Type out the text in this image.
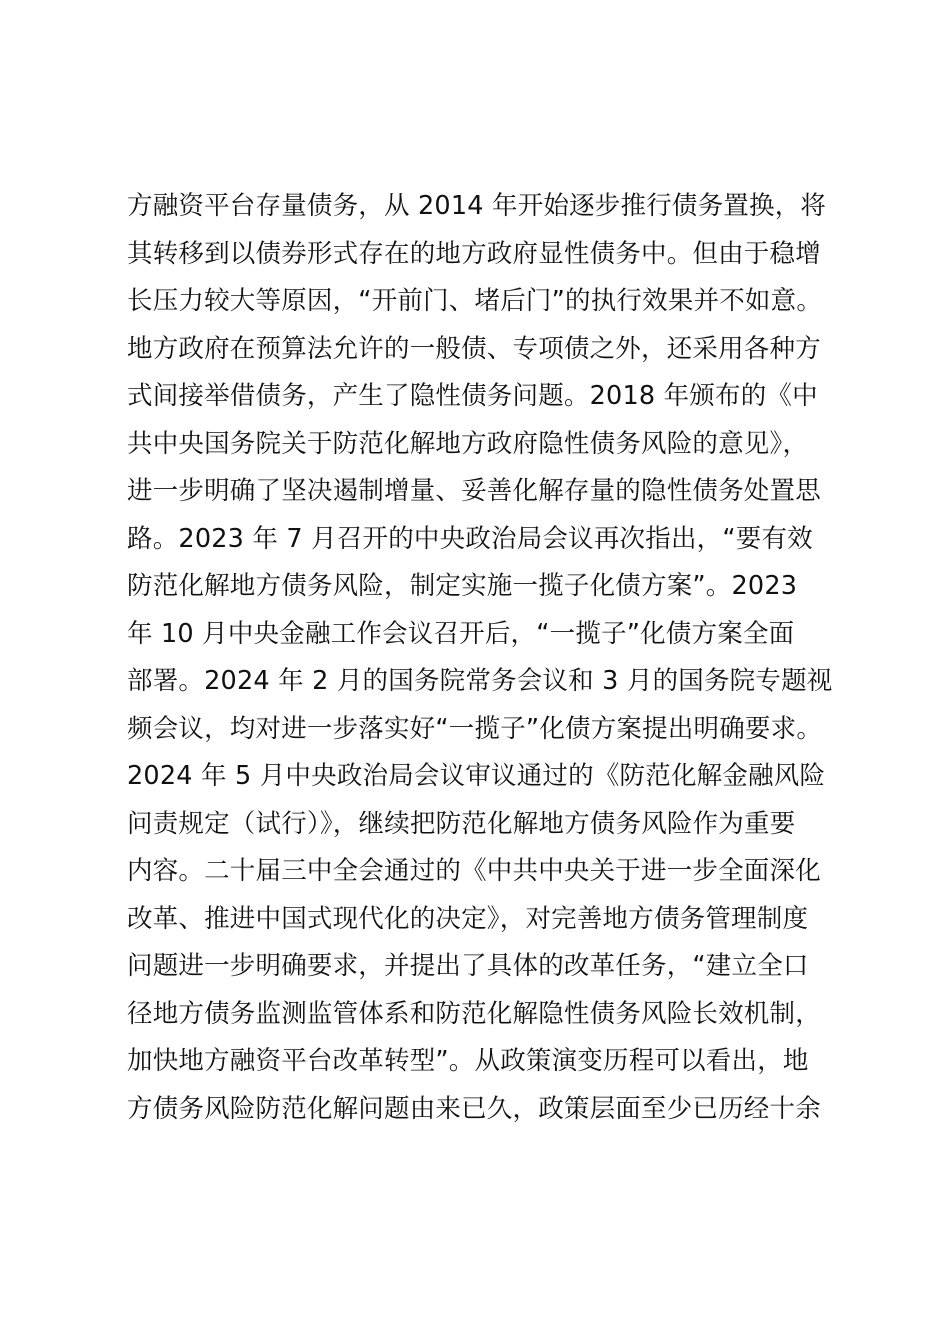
方融资平台存量债务，从 2014 年开始逐步推行债务置换，将
其转移到以债券形式存在的地方政府显性债务中。但由于稳增
长压力较大等原因，“开前门、堵后门”的执行效果并不如意。
地方政府在预算法允许的一般债、专项债之外，还采用各种方
式间接举借债务，产生了隐性债务问题。2018 年颁布的《中
共中央国务院关于防范化解地方政府隐性债务风险的意见》，
进一步明确了坚决遏制增量、妥善化解存量的隐性债务处置思
路。2023 年 7 月召开的中央政治局会议再次指出，“要有效
防范化解地方债务风险，制定实施一揽子化债方案”。2023
年 10 月中央金融工作会议召开后，“一揽子”化债方案全面
部署。2024 年 2 月的国务院常务会议和 3 月的国务院专题视
频会议，均对进一步落实好“一揽子”化债方案提出明确要求。
2024 年 5 月中央政治局会议审议通过的《防范化解金融风险
问责规定（试行）》，继续把防范化解地方债务风险作为重要
内容。二十届三中全会通过的《中共中央关于进一步全面深化
改革、推进中国式现代化的决定》，对完善地方债务管理制度
问题进一步明确要求，并提出了具体的改革任务，“建立全口
径地方债务监测监管体系和防范化解隐性债务风险长效机制，
加快地方融资平台改革转型”。从政策演变历程可以看出，地
方债务风险防范化解问题由来已久，政策层面至少已历经十余
